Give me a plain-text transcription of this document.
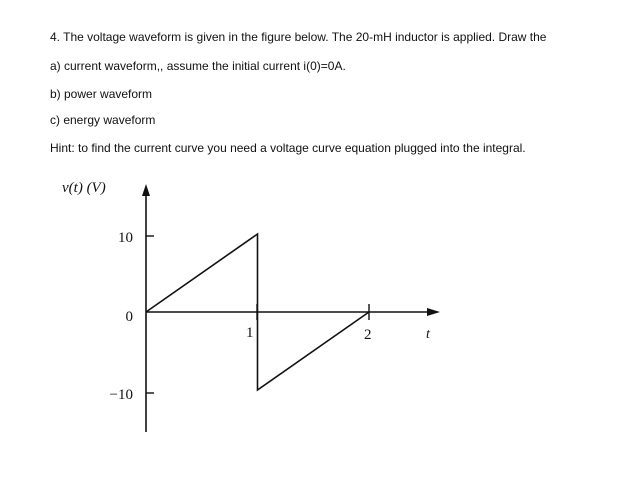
4. The voltage waveform is given in the figure below. The 20-mH inductor is applied. Draw the
a) current waveform,, assume the initial current i(0)=0A.
b) power waveform
c) energy waveform
Hint: to find the current curve you need a voltage curve equation plugged into the integral.
v(t) (V)
t
10
0
−10
1	2
